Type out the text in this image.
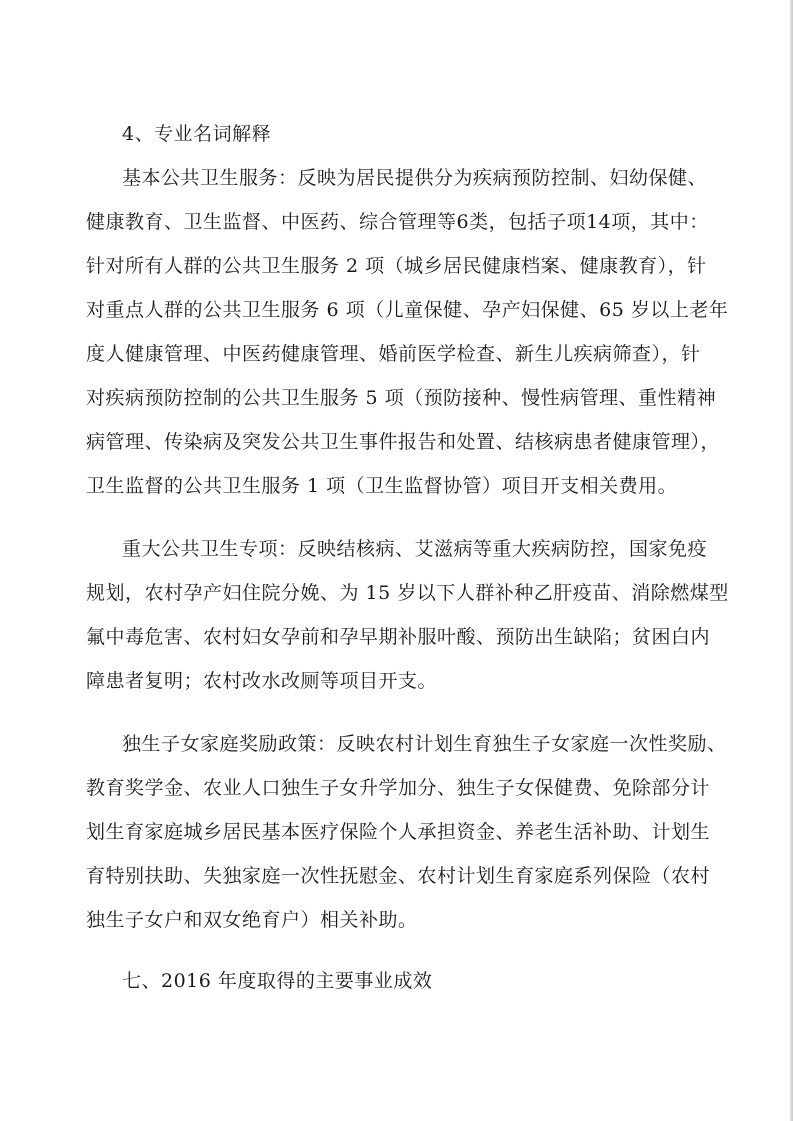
4、专业名词解释
基本公共卫生服务：反映为居民提供分为疾病预防控制、妇幼保健、
健康教育、卫生监督、中医药、综合管理等6类，包括子项14项，其中：
针对所有人群的公共卫生服务 2 项（城乡居民健康档案、健康教育），针
对重点人群的公共卫生服务 6 项（儿童保健、孕产妇保健、65 岁以上老年
度人健康管理、中医药健康管理、婚前医学检查、新生儿疾病筛查），针
对疾病预防控制的公共卫生服务 5 项（预防接种、慢性病管理、重性精神
病管理、传染病及突发公共卫生事件报告和处置、结核病患者健康管理），
卫生监督的公共卫生服务 1 项（卫生监督协管）项目开支相关费用。
重大公共卫生专项：反映结核病、艾滋病等重大疾病防控，国家免疫
规划，农村孕产妇住院分娩、为 15 岁以下人群补种乙肝疫苗、消除燃煤型
氟中毒危害、农村妇女孕前和孕早期补服叶酸、预防出生缺陷；贫困白内
障患者复明；农村改水改厕等项目开支。
独生子女家庭奖励政策：反映农村计划生育独生子女家庭一次性奖励、
教育奖学金、农业人口独生子女升学加分、独生子女保健费、免除部分计
划生育家庭城乡居民基本医疗保险个人承担资金、养老生活补助、计划生
育特别扶助、失独家庭一次性抚慰金、农村计划生育家庭系列保险（农村
独生子女户和双女绝育户）相关补助。
七、2016 年度取得的主要事业成效
